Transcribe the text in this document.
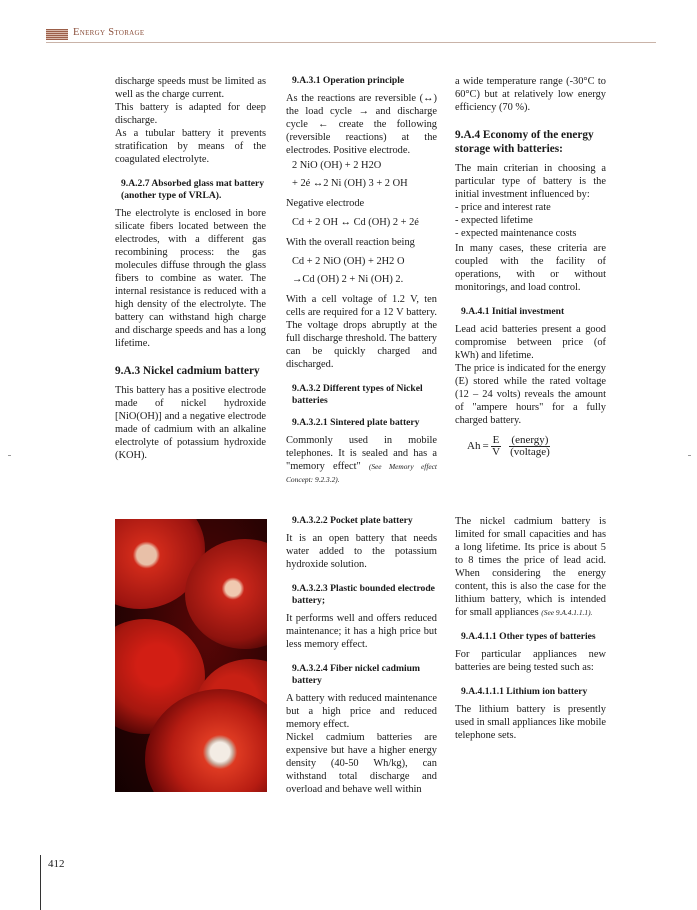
Energy Storage

discharge speeds must be limited as well as the charge current.

This battery is adapted for deep discharge.

As a tubular battery it prevents stratification by means of the coagulated electrolyte.

9.A.2.7 Absorbed glass mat battery (another type of VRLA).

The electrolyte is enclosed in bore silicate fibers located between the electrodes, with a different gas recombining process: the gas molecules diffuse through the glass fibers to combine as water. The internal resistance is reduced with a high density of the electrolyte. The battery can withstand high charge and discharge speeds and has a long lifetime.

9.A.3 Nickel cadmium battery

This battery has a positive electrode made of nickel hydroxide [NiO(OH)] and a negative electrode made of cadmium with an alkaline electrolyte of potassium hydroxide (KOH).

9.A.3.1 Operation principle

As the reactions are reversible (↔) the load cycle → and discharge cycle ← create the following (reversible reactions) at the electrodes. Positive electrode.

2 NiO (OH) + 2 H2O
+ 2é ↔2 Ni (OH) 3 + 2 OH

Negative electrode

Cd + 2 OH ↔ Cd (OH) 2 + 2é

With the overall reaction being

Cd + 2 NiO (OH) + 2H2 O
→Cd (OH) 2 + Ni (OH) 2.

With a cell voltage of 1.2 V, ten cells are required for a 12 V battery. The voltage drops abruptly at the full discharge threshold. The battery can be quickly charged and discharged.

9.A.3.2 Different types of Nickel batteries
9.A.3.2.1 Sintered plate battery

Commonly used in mobile telephones. It is sealed and has a "memory effect" (See Memory effect Concept: 9.2.3.2).

9.A.3.2.2 Pocket plate battery

It is an open battery that needs water added to the potassium hydroxide solution.

9.A.3.2.3 Plastic bounded electrode battery;

It performs well and offers reduced maintenance; it has a high price but less memory effect.

9.A.3.2.4 Fiber nickel cadmium battery

A battery with reduced maintenance but a high price and reduced memory effect.

Nickel cadmium batteries are expensive but have a higher energy density (40-50 Wh/kg), can withstand total discharge and overload and behave well within

a wide temperature range (-30°C to 60°C) but at relatively low energy efficiency (70 %).

9.A.4 Economy of the energy storage with batteries:

The main criterian in choosing a particular type of battery is the initial investment influenced by:

- price and interest rate
- expected lifetime
- expected maintenance costs

In many cases, these criteria are coupled with the facility of operations, with or without monitorings, and load control.

9.A.4.1 Initial investment

Lead acid batteries present a good compromise between price (of kWh) and lifetime.

The price is indicated for the energy (E) stored while the rated voltage (12 – 24 volts) reveals the amount of "ampere hours" for a fully charged battery.

$Ah = \frac{E}{V}$ (energy)
(voltage)

The nickel cadmium battery is limited for small capacities and has a long lifetime. Its price is about 5 to 8 times the price of lead acid. When considering the energy content, this is also the case for the lithium battery, which is intended for small appliances (See 9.A.4.1.1.1).

9.A.4.1.1 Other types of batteries

For particular appliances new batteries are being tested such as:

9.A.4.1.1.1 Lithium ion battery

The lithium battery is presently used in small appliances like mobile telephone sets.

412
